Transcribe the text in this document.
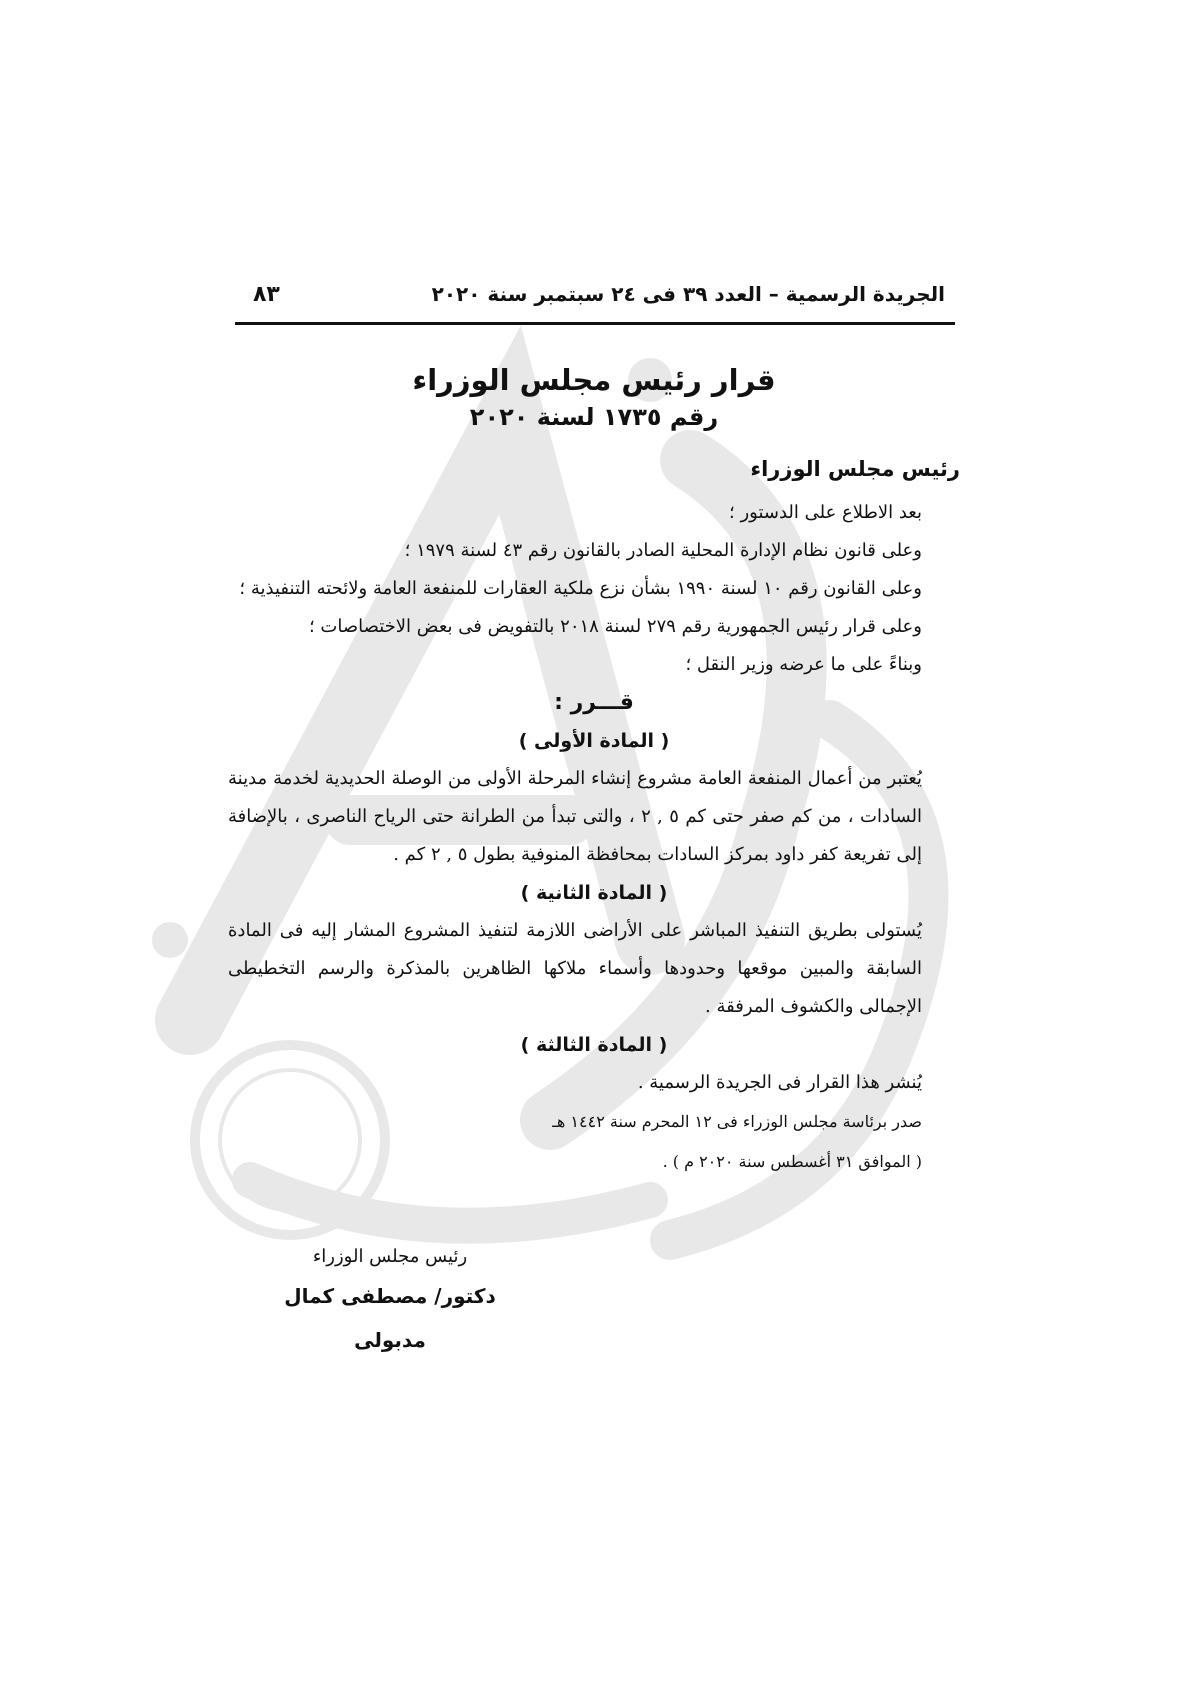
الجريدة الرسمية – العدد ٣٩ فى ٢٤ سبتمبر سنة ٢٠٢٠
٨٣

قرار رئيس مجلس الوزراء

رقم ١٧٣٥ لسنة ٢٠٢٠

رئيس مجلس الوزراء

بعد الاطلاع على الدستور ؛

وعلى قانون نظام الإدارة المحلية الصادر بالقانون رقم ٤٣ لسنة ١٩٧٩ ؛

وعلى القانون رقم ١٠ لسنة ١٩٩٠ بشأن نزع ملكية العقارات للمنفعة العامة ولائحته التنفيذية ؛

وعلى قرار رئيس الجمهورية رقم ٢٧٩ لسنة ٢٠١٨ بالتفويض فى بعض الاختصاصات ؛

وبناءً على ما عرضه وزير النقل ؛

قـــرر :

( المادة الأولى )

يُعتبر من أعمال المنفعة العامة مشروع إنشاء المرحلة الأولى من الوصلة الحديدية لخدمة مدينة السادات ، من كم صفر حتى كم ٥ , ٢ ، والتى تبدأ من الطرانة حتى الرياح الناصرى ، بالإضافة إلى تفريعة كفر داود بمركز السادات بمحافظة المنوفية بطول ٥ , ٢ كم .

( المادة الثانية )

يُستولى بطريق التنفيذ المباشر على الأراضى اللازمة لتنفيذ المشروع المشار إليه فى المادة السابقة والمبين موقعها وحدودها وأسماء ملاكها الظاهرين بالمذكرة والرسم التخطيطى الإجمالى والكشوف المرفقة .

( المادة الثالثة )

يُنشر هذا القرار فى الجريدة الرسمية .

صدر برئاسة مجلس الوزراء فى ١٢ المحرم سنة ١٤٤٢ هـ

( الموافق ٣١ أغسطس سنة ٢٠٢٠ م ) .

رئيس مجلس الوزراء

دكتور/ مصطفى كمال مدبولى
